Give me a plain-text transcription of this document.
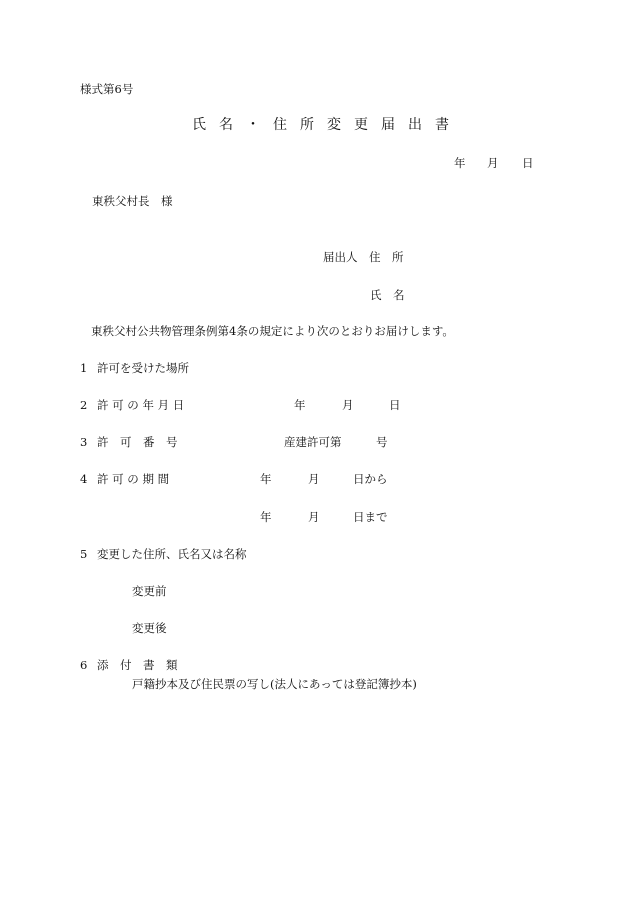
様式第6号
氏名・住所変更届出書
年 月 日
東秩父村長　様
届出人　住　所
氏　名
東秩父村公共物管理条例第4条の規定により次のとおりお届けします。
1 許可を受けた場所
2 許 可 の 年 月 日	年	月	日
3 許　可　番　号	産建許可第	号
4 許 可 の 期 間	年	月	日から
年	月	日まで
5 変更した住所、氏名又は名称
変更前
変更後
6 添　付　書　類
戸籍抄本及び住民票の写し(法人にあっては登記簿抄本)
